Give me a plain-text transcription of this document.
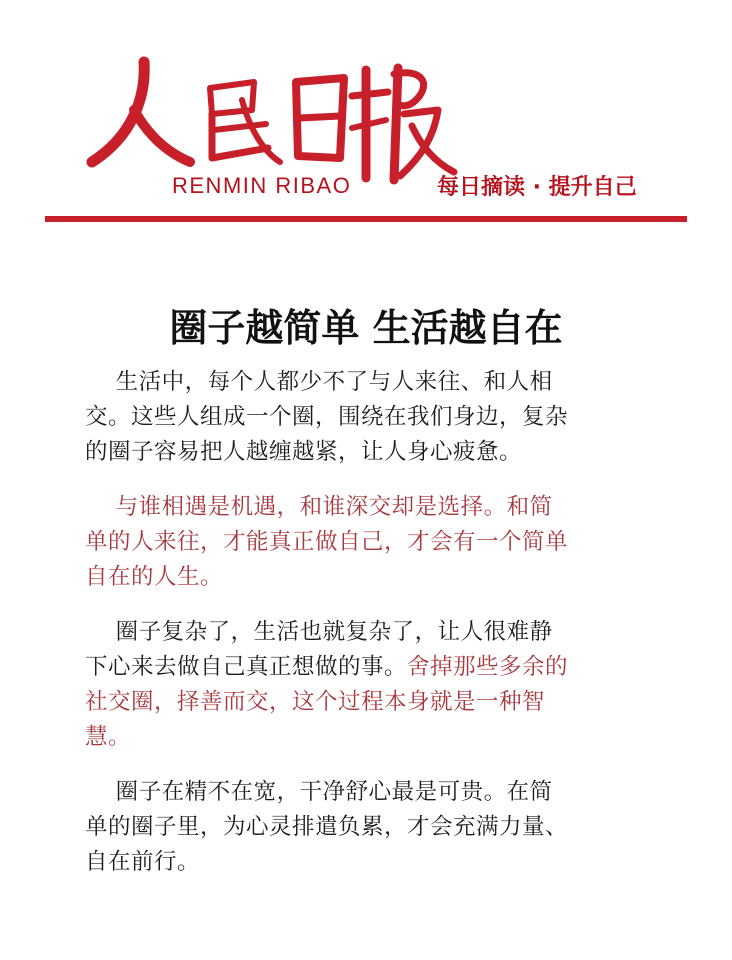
RENMIN RIBAO	每日摘读 · 提升自己
圈子越简单 生活越自在
　 生活中，每个人都少不了与人来往、和人相
交。这些人组成一个圈，围绕在我们身边，复杂
的圈子容易把人越缠越紧，让人身心疲惫。
　 与谁相遇是机遇，和谁深交却是选择。和简
单的人来往，才能真正做自己，才会有一个简单
自在的人生。
　 圈子复杂了，生活也就复杂了，让人很难静
下心来去做自己真正想做的事。舍掉那些多余的
社交圈，择善而交，这个过程本身就是一种智
慧。
　 圈子在精不在宽，干净舒心最是可贵。在简
单的圈子里，为心灵排遣负累，才会充满力量、
自在前行。
